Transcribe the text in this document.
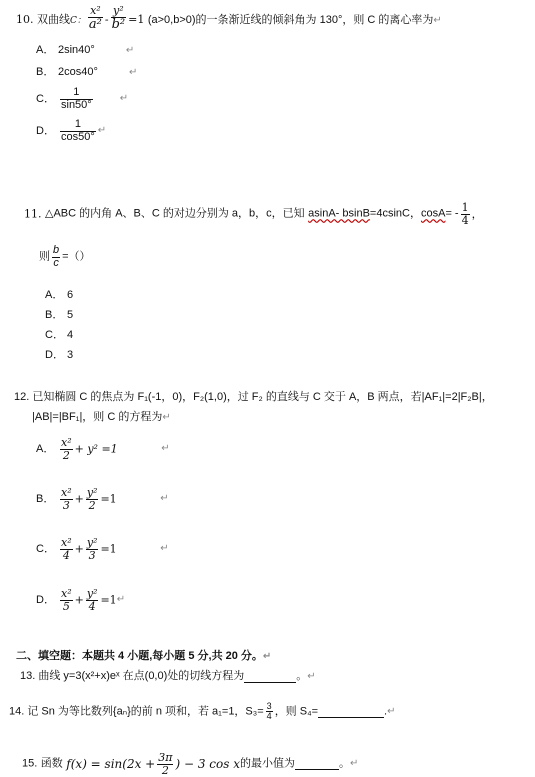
10. 双曲线C： $\frac{\text{x²}}{\text{a²}} - \frac{\text{y²}}{\text{b²}} =1$ (a>0,b>0)的一条渐近线的倾斜角为 130°，则 C 的离心率为↵
A． 2sin40°	↵
B． 2cos40°	↵
C． $\frac{1}{\sin 50^\circ}$	↵
D． $\frac{1}{\cos 50^\circ}$ ↵
11. △ABC 的内角 A、B、C 的对边分别为 a，b，c，已知 asinA- bsinB=4csinC，$\cos A= - \frac{1}{4}$ ，
则 $\frac{b}{c}$ =（）
A． 6
B． 5
C． 4
D． 3
12. 已知椭圆 C 的焦点为 F₁(-1，0)，F₂(1,0)，过 F₂ 的直线与 C 交于 A，B 两点，若|AF₁|=2|F₂B|，
|AB|=|BF₁|，则 C 的方程为↵
A． $\frac{\text{x²}}{2} + y^2 =1$	↵
B． $\frac{\text{x²}}{3} + \frac{\text{y²}}{2} =1$	↵
C． $\frac{\text{x²}}{4} + \frac{\text{y²}}{3} =1$	↵
D． $\frac{\text{x²}}{5} + \frac{\text{y²}}{4}$ =1↵
二、填空题：本题共 4 小题,每小题 5 分,共 20 分。↵
13. 曲线 y=3(x²+x)eˣ 在点(0,0)处的切线方程为	。↵
14. 记 Sn 为等比数列{aₙ}的前 n 项和，若 a₁=1，$S_3= \frac{3}{4}$ ，则 S₄=	.↵
15. 函数 $f(x) = \sin(2x + \frac{3\pi}{2}$ ) − 3 cos x的最小值为	。↵
